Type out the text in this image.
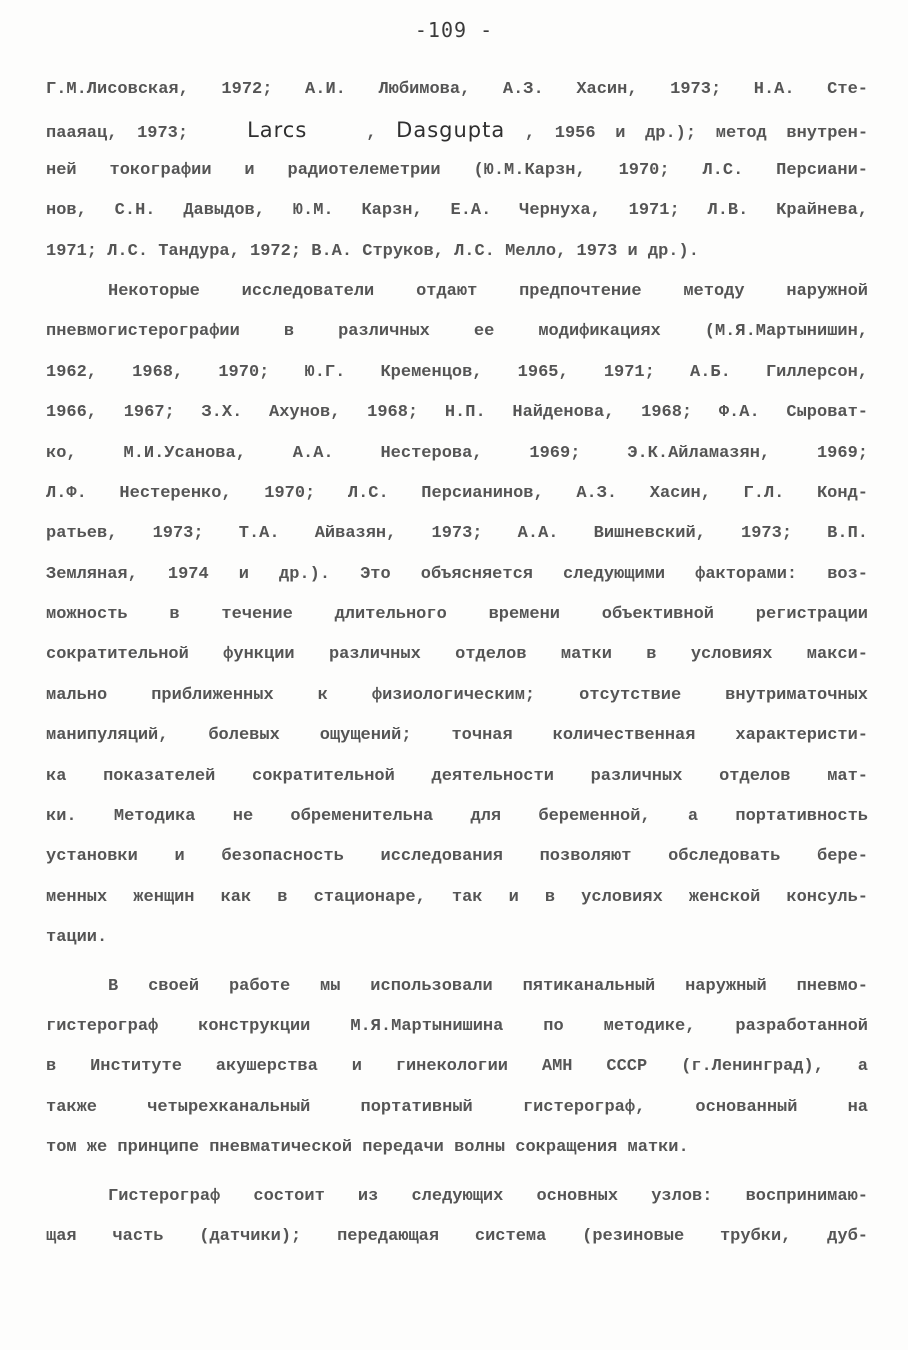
-109 -
Г.М.Лисовская, 1972; А.И. Любимова, А.З. Хасин, 1973; Н.А. Сте-
пааяац, 1973;	Larcs	, Dasgupta , 1956 и др.); метод внутрен-
ней токографии и радиотелеметрии (Ю.М.Карзн, 1970; Л.С. Персиани-
нов, С.Н. Давыдов, Ю.М. Карзн, Е.А. Чернуха, 1971; Л.В. Крайнева,
1971; Л.С. Тандура, 1972; В.А. Струков, Л.С. Мелло, 1973 и др.).
Некоторые исследователи отдают предпочтение методу наружной
пневмогистерографии в различных ее модификациях (М.Я.Мартынишин,
1962, 1968, 1970; Ю.Г. Кременцов, 1965, 1971; А.Б. Гиллерсон,
1966, 1967; З.Х. Ахунов, 1968; Н.П. Найденова, 1968; Ф.А. Сыроват-
ко, М.И.Усанова, А.А. Нестерова, 1969; Э.К.Айламазян, 1969;
Л.Ф. Нестеренко, 1970; Л.С. Персианинов, А.З. Хасин, Г.Л. Конд-
ратьев, 1973; Т.А. Айвазян, 1973; А.А. Вишневский, 1973; В.П.
Земляная, 1974 и др.). Это объясняется следующими факторами: воз-
можность в течение длительного времени объективной регистрации
сократительной функции различных отделов матки в условиях макси-
мально приближенных к физиологическим; отсутствие внутриматочных
манипуляций, болевых ощущений; точная количественная характеристи-
ка показателей сократительной деятельности различных отделов мат-
ки. Методика не обременительна для беременной, а портативность
установки и безопасность исследования позволяют обследовать бере-
менных женщин как в стационаре, так и в условиях женской консуль-
тации.
В своей работе мы использовали пятиканальный наружный пневмо-
гистерограф конструкции М.Я.Мартынишина по методике, разработанной
в Институте акушерства и гинекологии АМН СССР (г.Ленинград), а
также четырехканальный портативный гистерограф, основанный на
том же принципе пневматической передачи волны сокращения матки.
Гистерограф состоит из следующих основных узлов: воспринимаю-
щая часть (датчики); передающая система (резиновые трубки, дуб-
